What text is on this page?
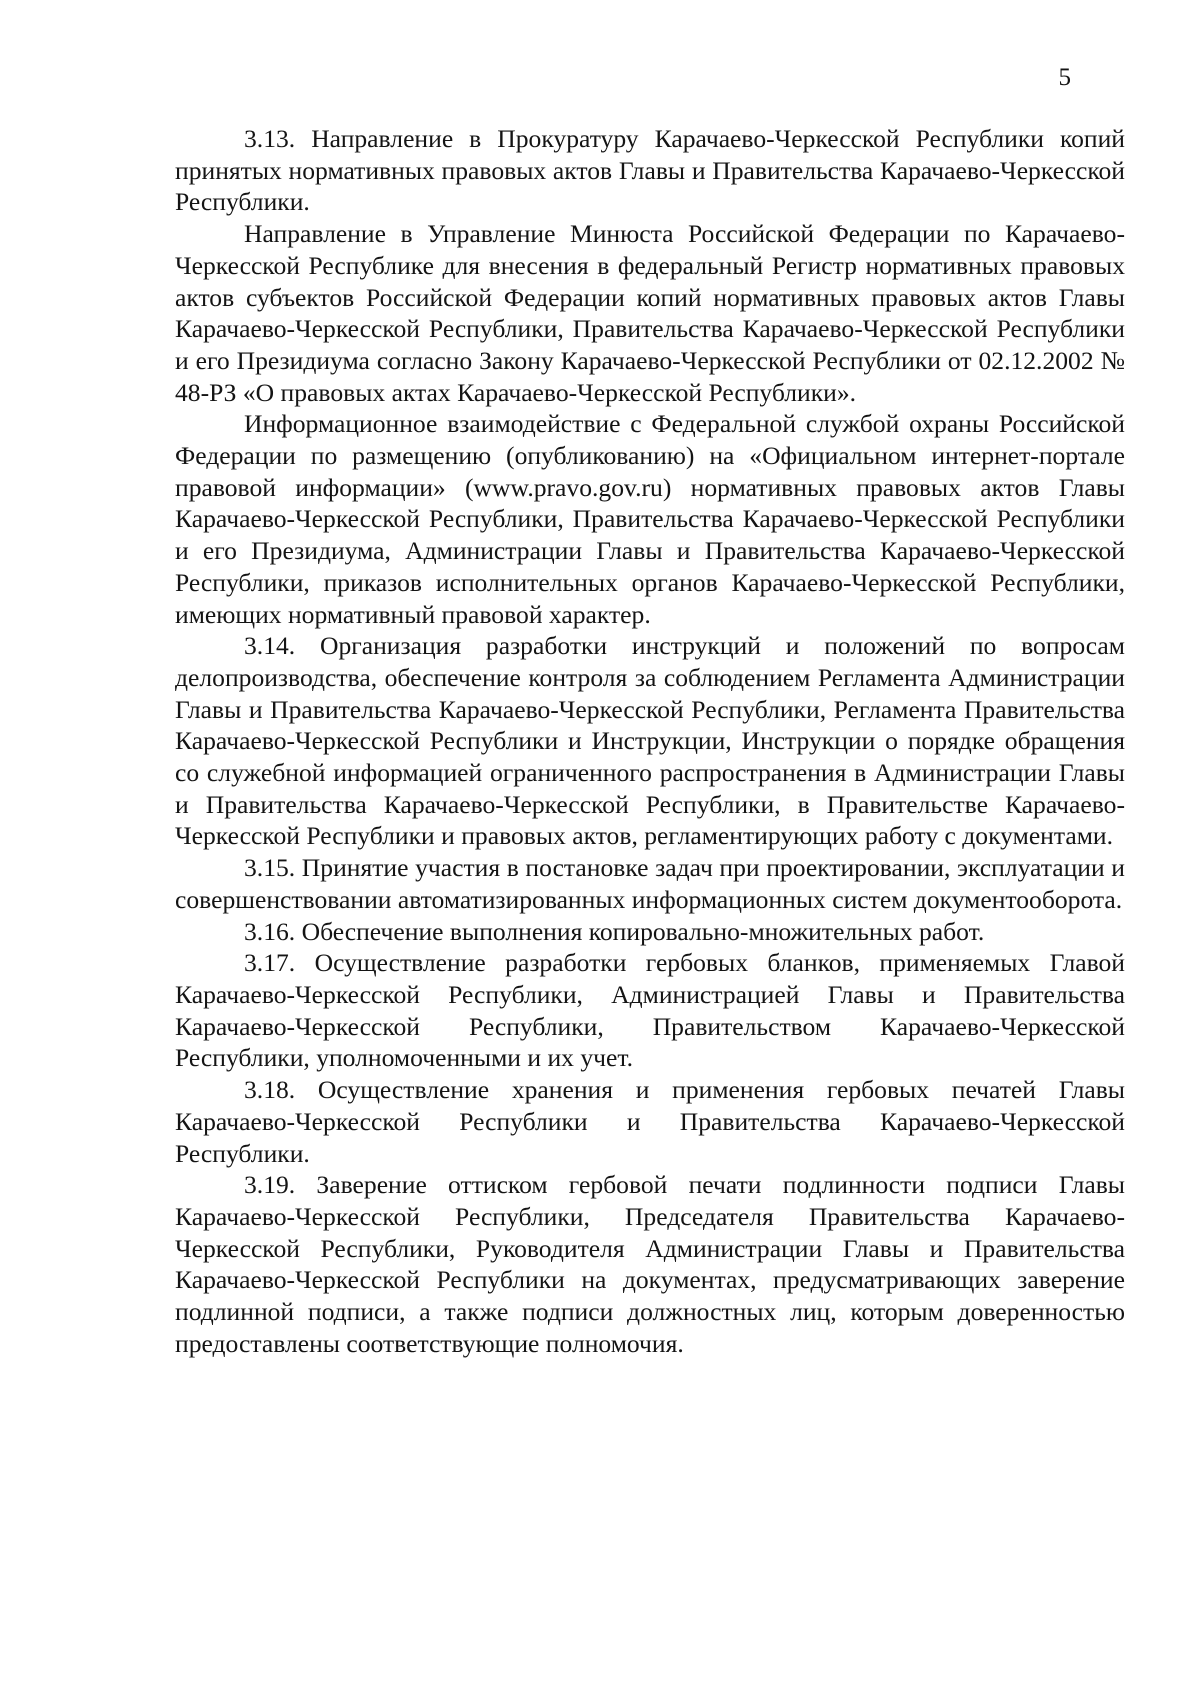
5

3.13. Направление в Прокуратуру Карачаево-Черкесской Республики копий принятых нормативных правовых актов Главы и Правительства Карачаево-Черкесской Республики.

Направление в Управление Минюста Российской Федерации по Карачаево-Черкесской Республике для внесения в федеральный Регистр нормативных правовых актов субъектов Российской Федерации копий нормативных правовых актов Главы Карачаево-Черкесской Республики, Правительства Карачаево-Черкесской Республики и его Президиума согласно Закону Карачаево-Черкесской Республики от 02.12.2002 № 48-РЗ «О правовых актах Карачаево-Черкесской Республики».

Информационное взаимодействие с Федеральной службой охраны Российской Федерации по размещению (опубликованию) на «Официальном интернет-портале правовой информации» (www.pravo.gov.ru) нормативных правовых актов Главы Карачаево-Черкесской Республики, Правительства Карачаево-Черкесской Республики и его Президиума, Администрации Главы и Правительства Карачаево-Черкесской Республики, приказов исполнительных органов Карачаево-Черкесской Республики, имеющих нормативный правовой характер.

3.14. Организация разработки инструкций и положений по вопросам делопроизводства, обеспечение контроля за соблюдением Регламента Администрации Главы и Правительства Карачаево-Черкесской Республики, Регламента Правительства Карачаево-Черкесской Республики и Инструкции, Инструкции о порядке обращения со служебной информацией ограниченного распространения в Администрации Главы и Правительства Карачаево-Черкесской Республики, в Правительстве Карачаево-Черкесской Республики и правовых актов, регламентирующих работу с документами.

3.15. Принятие участия в постановке задач при проектировании, эксплуатации и совершенствовании автоматизированных информационных систем документооборота.

3.16. Обеспечение выполнения копировально-множительных работ.

3.17. Осуществление разработки гербовых бланков, применяемых Главой Карачаево-Черкесской Республики, Администрацией Главы и Правительства Карачаево-Черкесской Республики, Правительством Карачаево-Черкесской Республики, уполномоченными и их учет.

3.18. Осуществление хранения и применения гербовых печатей Главы Карачаево-Черкесской Республики и Правительства Карачаево-Черкесской Республики.

3.19. Заверение оттиском гербовой печати подлинности подписи Главы Карачаево-Черкесской Республики, Председателя Правительства Карачаево-Черкесской Республики, Руководителя Администрации Главы и Правительства Карачаево-Черкесской Республики на документах, предусматривающих заверение подлинной подписи, а также подписи должностных лиц, которым доверенностью предоставлены соответствующие полномочия.
